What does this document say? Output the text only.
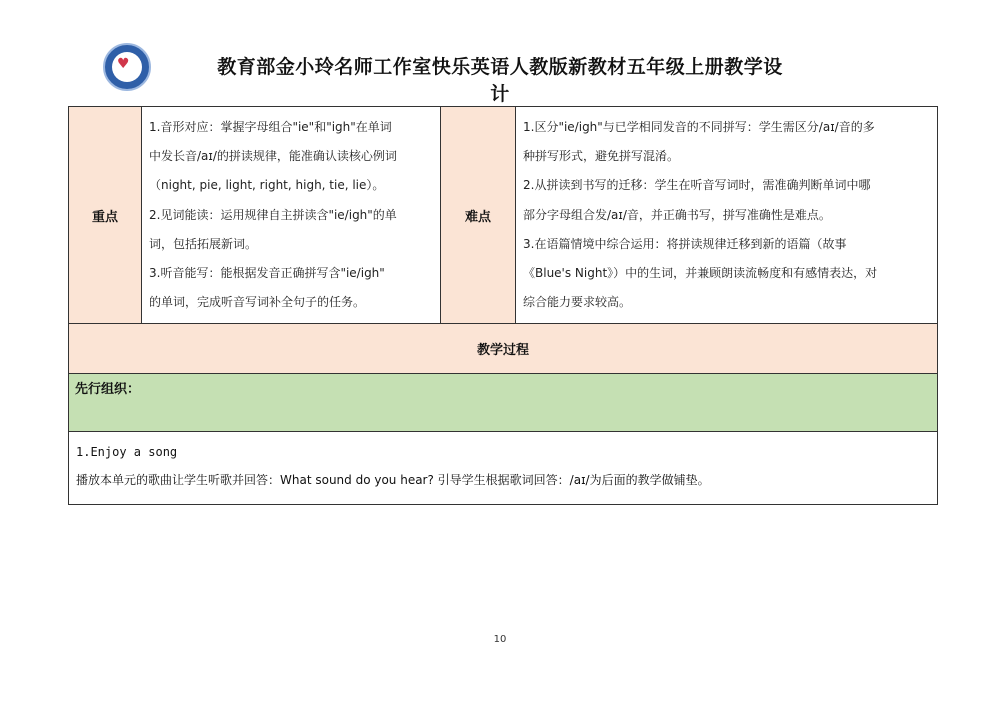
♥	教育部金小玲名师工作室快乐英语人教版新教材五年级上册教学设计
重点	
1.音形对应：掌握字母组合"ie"和"igh"在单词
中发长音/aɪ/的拼读规律，能准确认读核心例词
（night, pie, light, right, high, tie, lie）。
2.见词能读：运用规律自主拼读含"ie/igh"的单
词，包括拓展新词。
3.听音能写：能根据发音正确拼写含"ie/igh"
的单词，完成听音写词补全句子的任务。
	难点	
1.区分"ie/igh"与已学相同发音的不同拼写：学生需区分/aɪ/音的多
种拼写形式，避免拼写混淆。
2.从拼读到书写的迁移：学生在听音写词时，需准确判断单词中哪
部分字母组合发/aɪ/音，并正确书写，拼写准确性是难点。
3.在语篇情境中综合运用：将拼读规律迁移到新的语篇（故事
《Blue's Night》）中的生词，并兼顾朗读流畅度和有感情表达，对
综合能力要求较高。

教学过程
先行组织：

1.Enjoy a song
播放本单元的歌曲让学生听歌并回答：What sound do you hear? 引导学生根据歌词回答：/aɪ/为后面的教学做铺垫。
10
